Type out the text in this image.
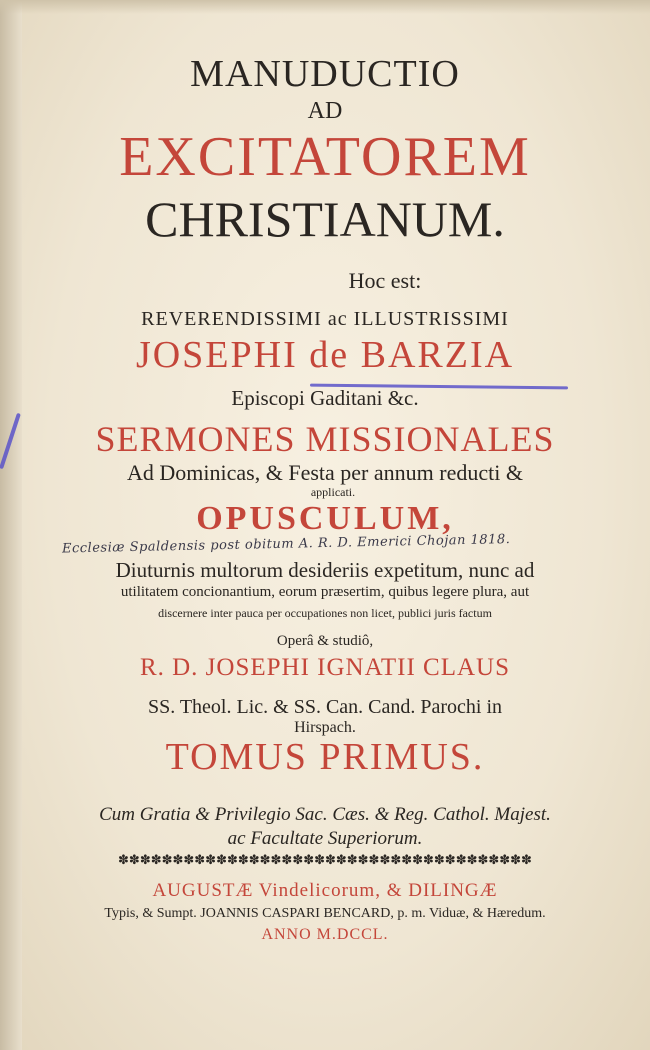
MANUDUCTIO
AD
EXCITATOREM
CHRISTIANUM.
Hoc est:
REVERENDISSIMI ac ILLUSTRISSIMI
JOSEPHI de BARZIA
Episcopi Gaditani &c.
SERMONES MISSIONALES
Ad Dominicas, & Festa per annum reducti &
applicati.
OPUSCULUM,
Ecclesiæ Spaldensis post obitum A. R. D. Emerici Chojan 1818.
Diuturnis multorum desideriis expetitum, nunc ad
utilitatem concionantium, eorum præsertim, quibus legere plura, aut
discernere inter pauca per occupationes non licet, publici juris factum
Operâ & studiô,
R. D. JOSEPHI IGNATII CLAUS
SS. Theol. Lic. & SS. Can. Cand. Parochi in
Hirspach.
TOMUS PRIMUS.
Cum Gratia & Privilegio Sac. Cæs. & Reg. Cathol. Majest.
ac Facultate Superiorum.
✽✽✽✽✽✽✽✽✽✽✽✽✽✽✽✽✽✽✽✽✽✽✽✽✽✽✽✽✽✽✽✽✽✽✽✽✽✽
AUGUSTÆ Vindelicorum, & DILINGÆ
Typis, & Sumpt. JOANNIS CASPARI BENCARD, p. m. Viduæ, & Hæredum.
ANNO M.DCCL.
